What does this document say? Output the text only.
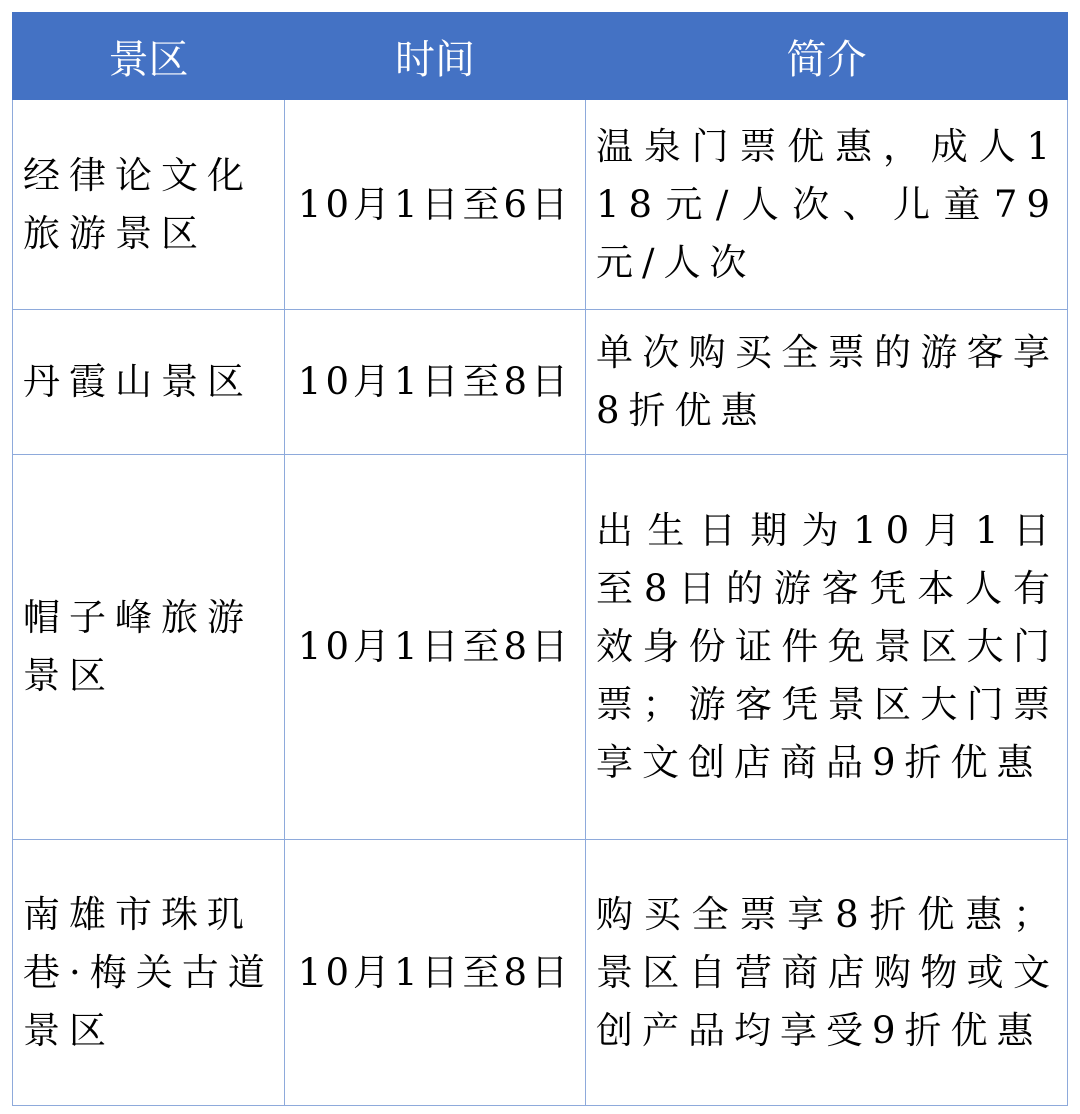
景区	时间	简介
经律论文化旅游景区	10月1日至6日	温泉门票优惠，成人118元/人次、儿童79元/人次
丹霞山景区	10月1日至8日	单次购买全票的游客享8折优惠
帽子峰旅游景区	10月1日至8日	出生日期为10月1日至8日的游客凭本人有效身份证件免景区大门票；游客凭景区大门票享文创店商品9折优惠
南雄市珠玑巷·梅关古道景区	10月1日至8日	购买全票享8折优惠；景区自营商店购物或文创产品均享受9折优惠
